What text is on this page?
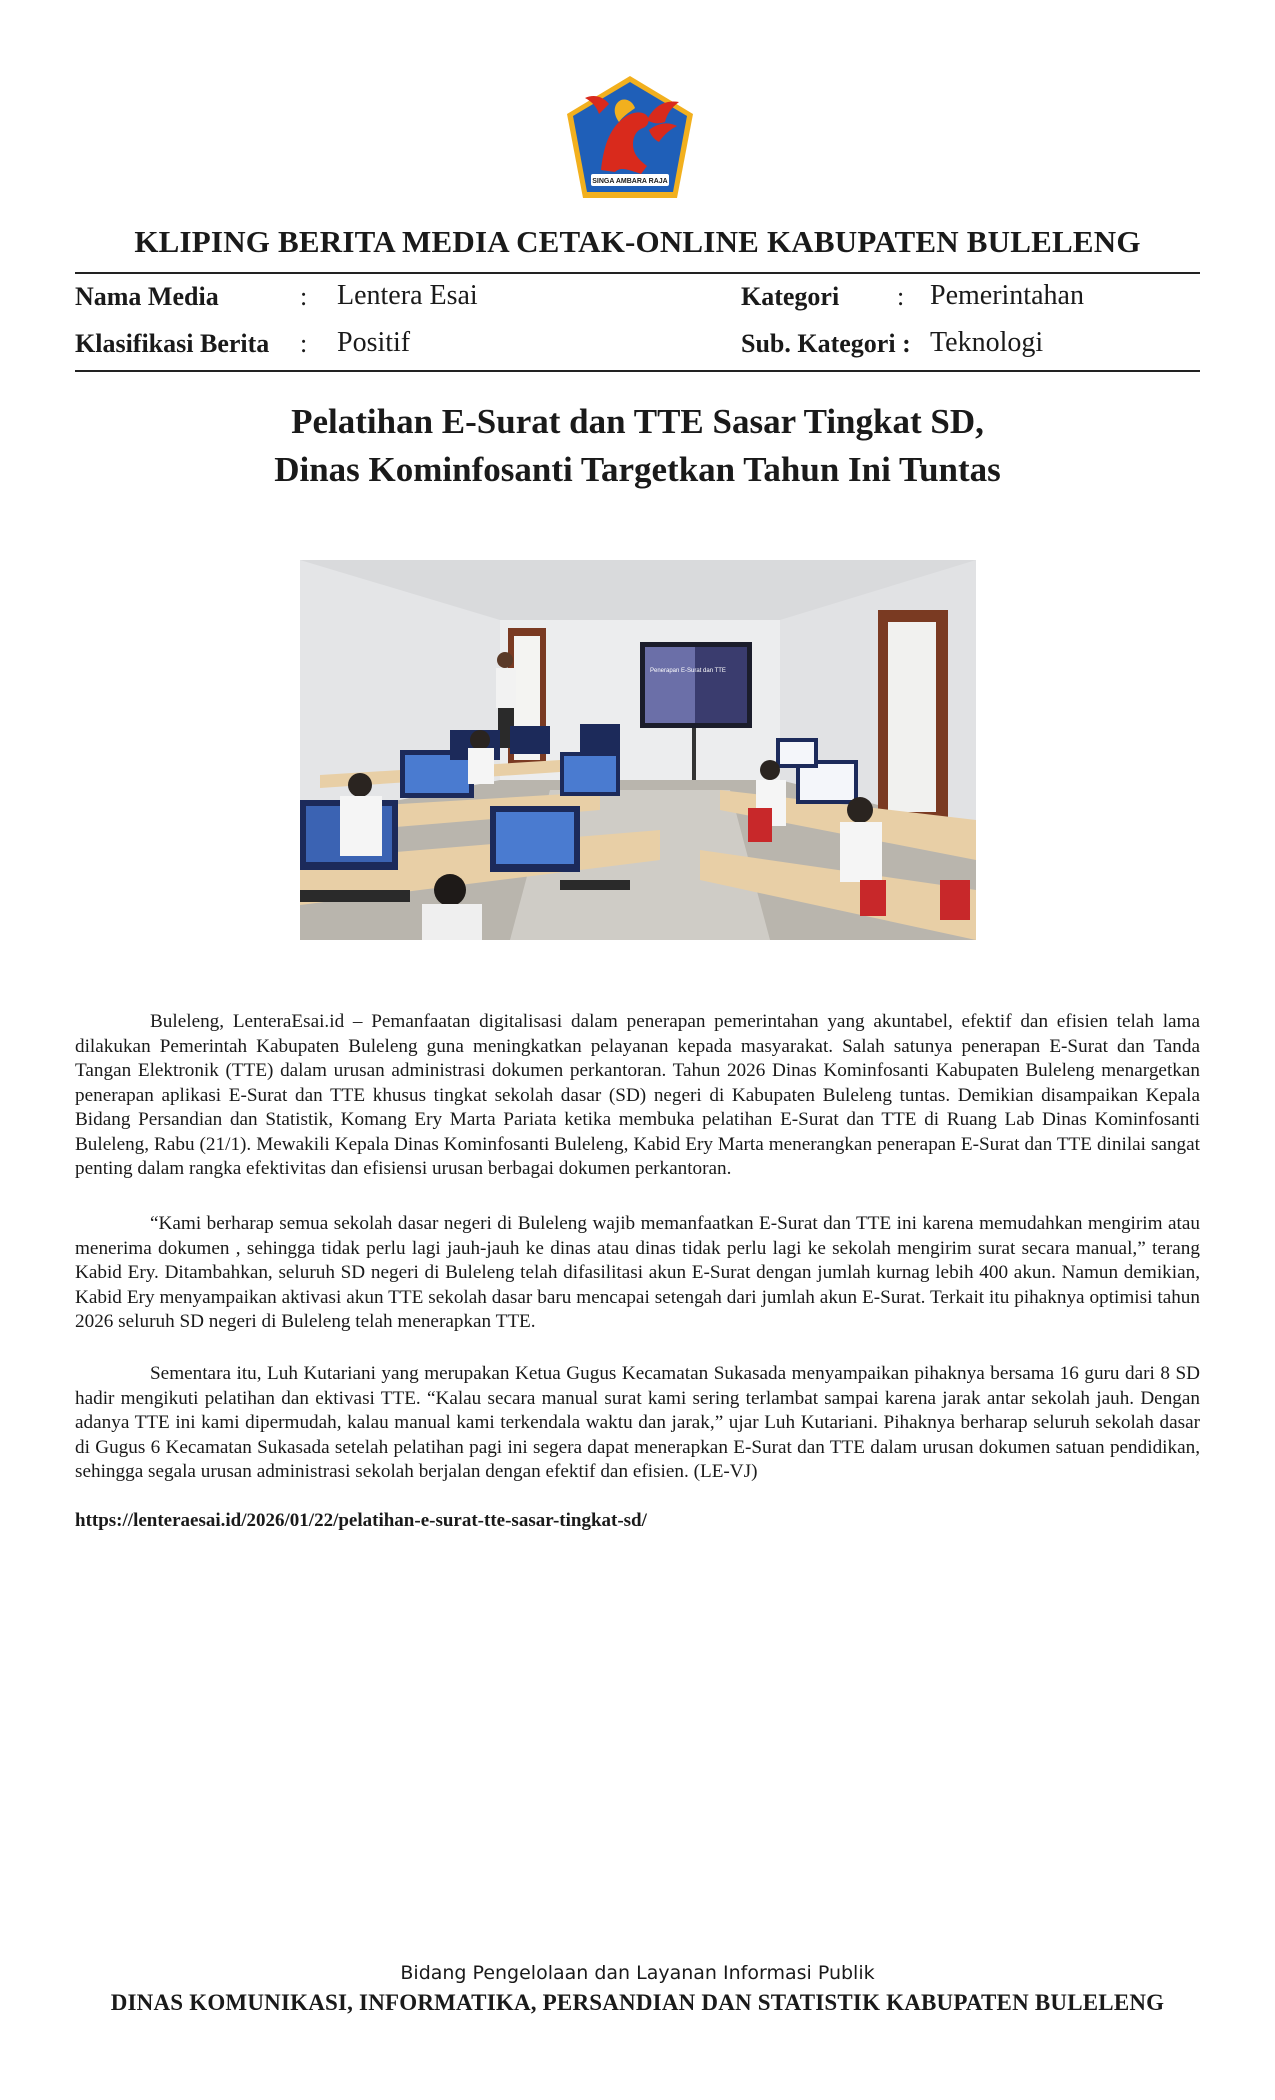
SINGA AMBARA RAJA
KLIPING BERITA MEDIA CETAK-ONLINE KABUPATEN BULELENG
Nama Media	: Lentera Esai
Klasifikasi Berita : Positif
Kategori : Pemerintahan
Sub. Kategori : Teknologi
Pelatihan E-Surat dan TTE Sasar Tingkat SD,
Dinas Kominfosanti Targetkan Tahun Ini Tuntas
Penerapan E-Surat dan TTE

Buleleng, LenteraEsai.id – Pemanfaatan digitalisasi dalam penerapan pemerintahan yang akuntabel, efektif dan efisien telah lama dilakukan Pemerintah Kabupaten Buleleng guna meningkatkan pelayanan kepada masyarakat. Salah satunya penerapan E-Surat dan Tanda Tangan Elektronik (TTE) dalam urusan administrasi dokumen perkantoran. Tahun 2026 Dinas Kominfosanti Kabupaten Buleleng menargetkan penerapan aplikasi E-Surat dan TTE khusus tingkat sekolah dasar (SD) negeri di Kabupaten Buleleng tuntas. Demikian disampaikan Kepala Bidang Persandian dan Statistik, Komang Ery Marta Pariata ketika membuka pelatihan E-Surat dan TTE di Ruang Lab Dinas Kominfosanti Buleleng, Rabu (21/1). Mewakili Kepala Dinas Kominfosanti Buleleng, Kabid Ery Marta menerangkan penerapan E-Surat dan TTE dinilai sangat penting dalam rangka efektivitas dan efisiensi urusan berbagai dokumen perkantoran.

“Kami berharap semua sekolah dasar negeri di Buleleng wajib memanfaatkan E-Surat dan TTE ini karena memudahkan mengirim atau menerima dokumen , sehingga tidak perlu lagi jauh-jauh ke dinas atau dinas tidak perlu lagi ke sekolah mengirim surat secara manual,” terang Kabid Ery. Ditambahkan, seluruh SD negeri di Buleleng telah difasilitasi akun E-Surat dengan jumlah kurnag lebih 400 akun. Namun demikian, Kabid Ery menyampaikan aktivasi akun TTE sekolah dasar baru mencapai setengah dari jumlah akun E-Surat. Terkait itu pihaknya optimisi tahun 2026 seluruh SD negeri di Buleleng telah menerapkan TTE.

Sementara itu, Luh Kutariani yang merupakan Ketua Gugus Kecamatan Sukasada menyampaikan pihaknya bersama 16 guru dari 8 SD hadir mengikuti pelatihan dan ektivasi TTE. “Kalau secara manual surat kami sering terlambat sampai karena jarak antar sekolah jauh. Dengan adanya TTE ini kami dipermudah, kalau manual kami terkendala waktu dan jarak,” ujar Luh Kutariani. Pihaknya berharap seluruh sekolah dasar di Gugus 6 Kecamatan Sukasada setelah pelatihan pagi ini segera dapat menerapkan E-Surat dan TTE dalam urusan dokumen satuan pendidikan, sehingga segala urusan administrasi sekolah berjalan dengan efektif dan efisien. (LE-VJ)

https://lenteraesai.id/2026/01/22/pelatihan-e-surat-tte-sasar-tingkat-sd/
Bidang Pengelolaan dan Layanan Informasi Publik
DINAS KOMUNIKASI, INFORMATIKA, PERSANDIAN DAN STATISTIK KABUPATEN BULELENG
